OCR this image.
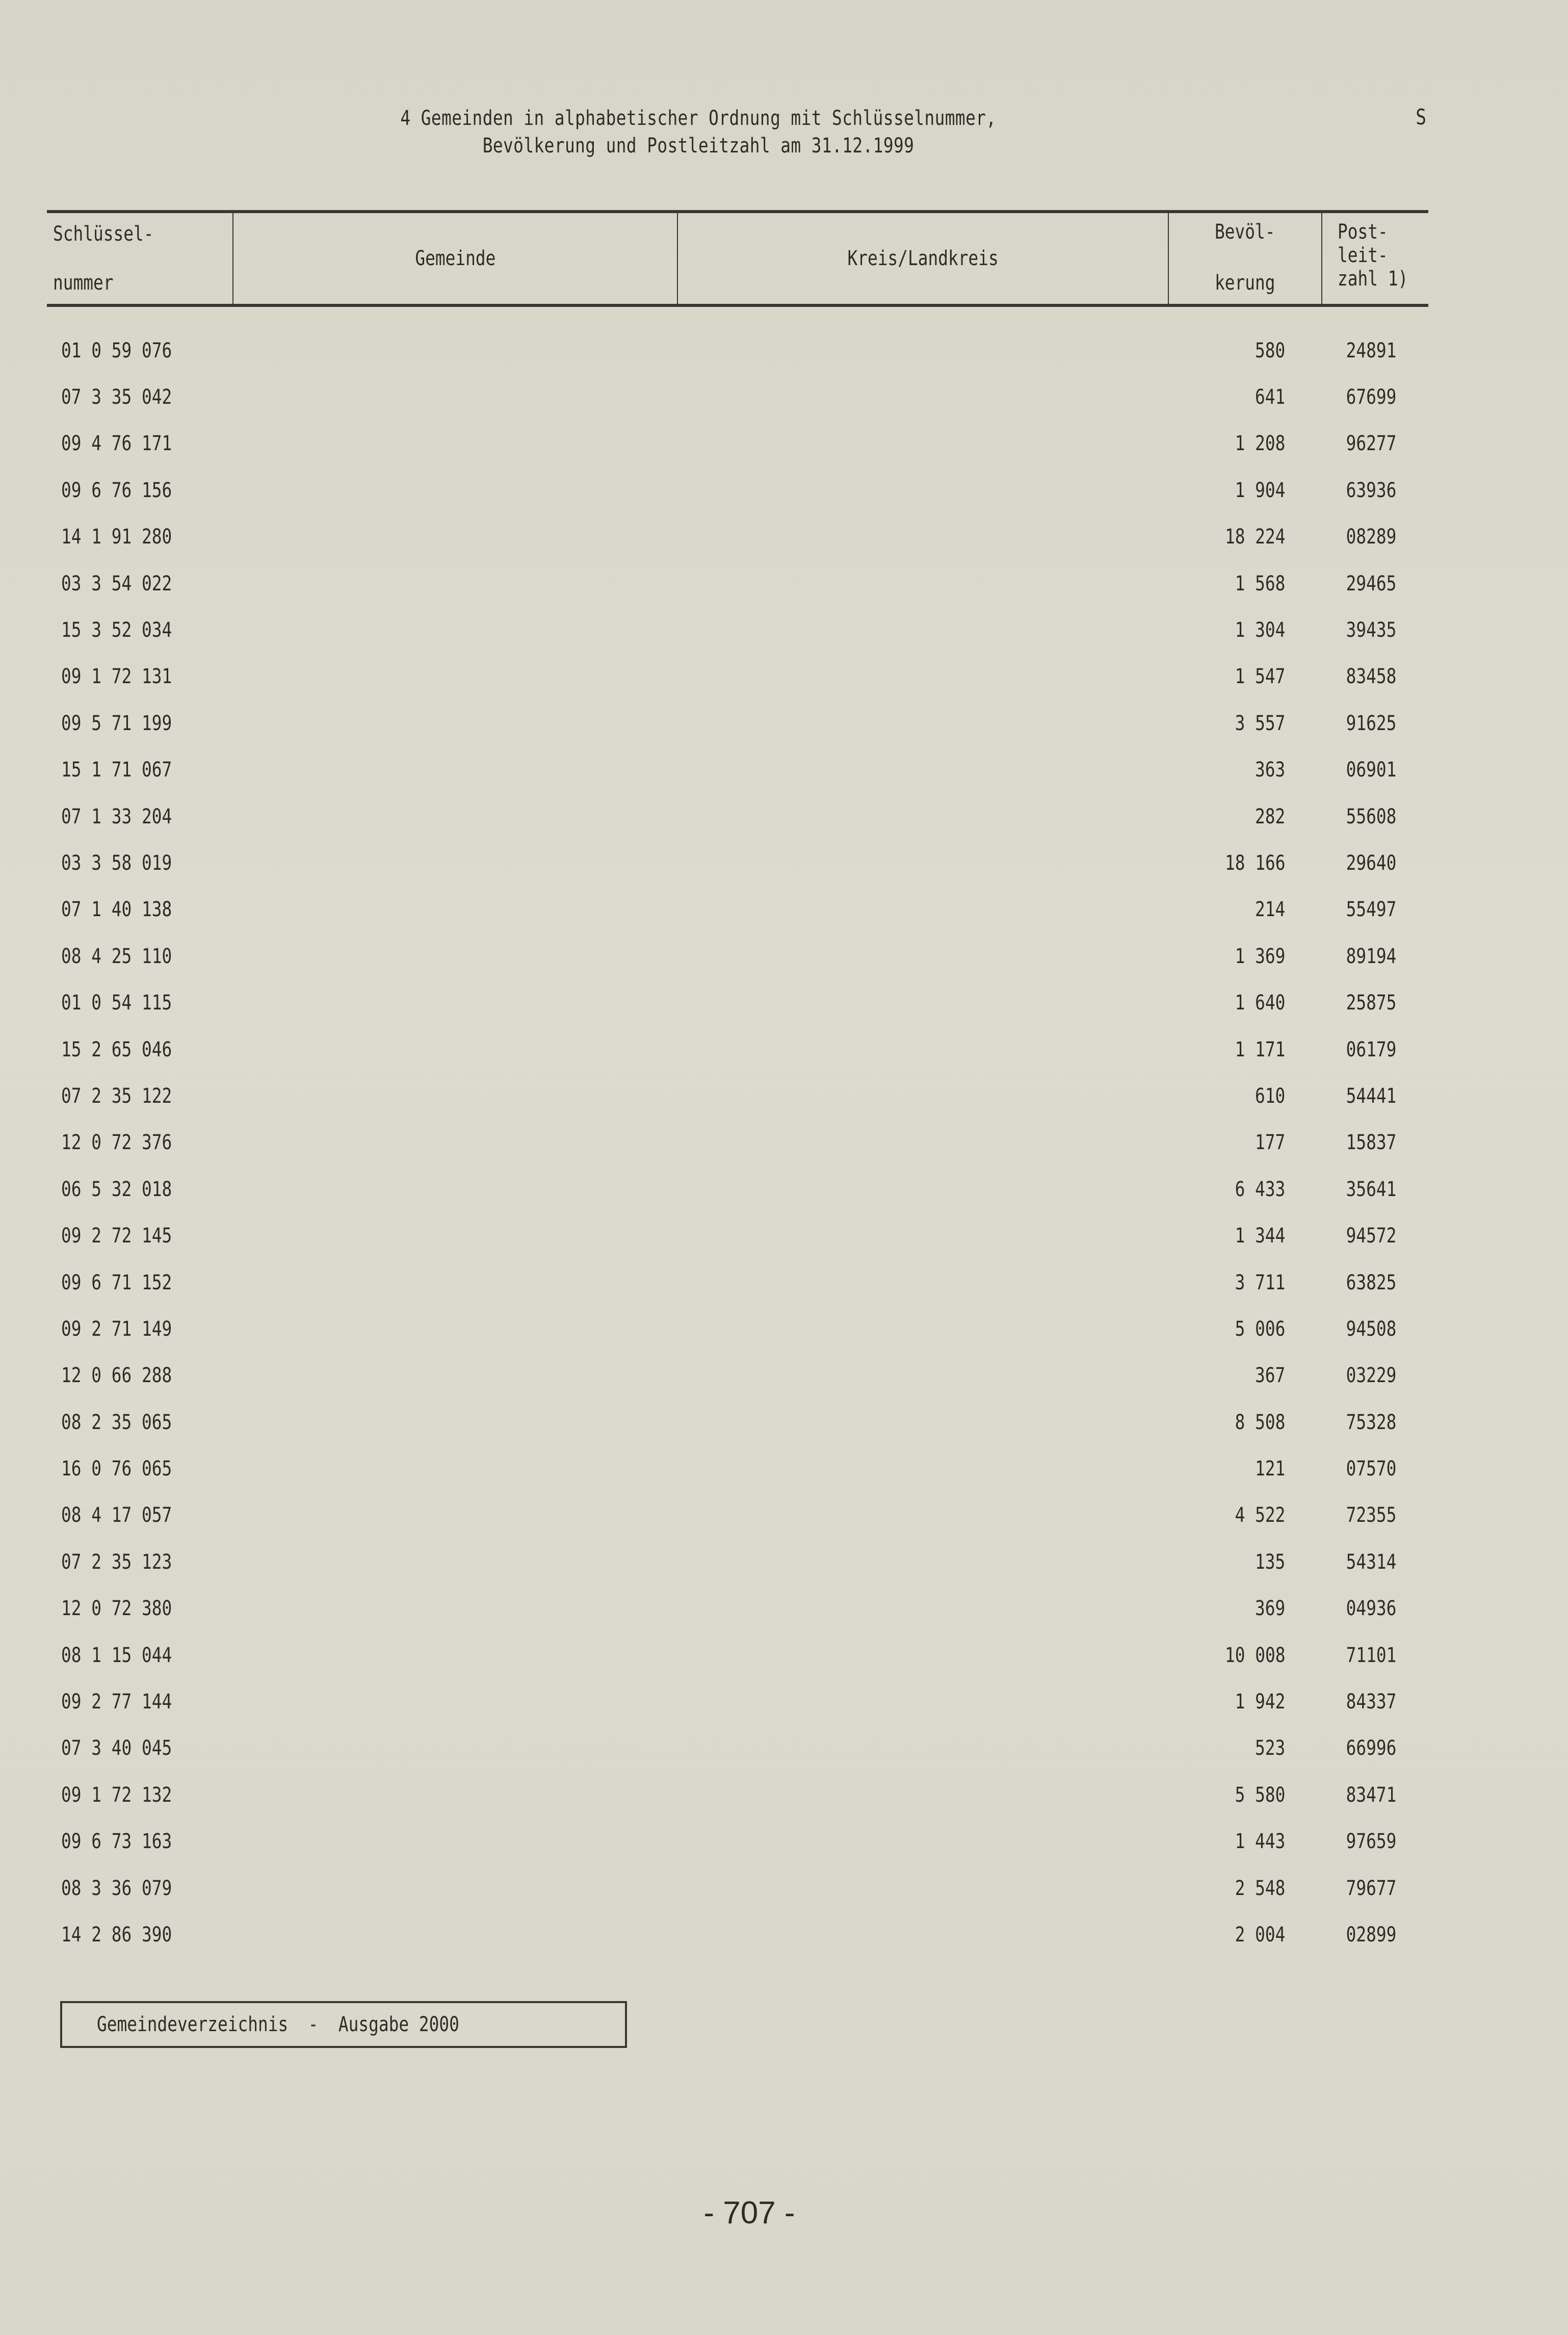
4 Gemeinden in alphabetischer Ordnung mit Schlüsselnummer,
Bevölkerung und Postleitzahl am 31.12.1999
S
Schlüssel-
nummer
Gemeinde	Kreis/Landkreis
Bevöl-
kerung
Post-
leit-
zahl 1)
01 0 59 076	580	24891
07 3 35 042	641	67699
09 4 76 171	1 208	96277
09 6 76 156	1 904	63936
14 1 91 280	18 224	08289
03 3 54 022	1 568	29465
15 3 52 034	1 304	39435
09 1 72 131	1 547	83458
09 5 71 199	3 557	91625
15 1 71 067	363	06901
07 1 33 204	282	55608
03 3 58 019	18 166	29640
07 1 40 138	214	55497
08 4 25 110	1 369	89194
01 0 54 115	1 640	25875
15 2 65 046	1 171	06179
07 2 35 122	610	54441
12 0 72 376	177	15837
06 5 32 018	6 433	35641
09 2 72 145	1 344	94572
09 6 71 152	3 711	63825
09 2 71 149	5 006	94508
12 0 66 288	367	03229
08 2 35 065	8 508	75328
16 0 76 065	121	07570
08 4 17 057	4 522	72355
07 2 35 123	135	54314
12 0 72 380	369	04936
08 1 15 044	10 008	71101
09 2 77 144	1 942	84337
07 3 40 045	523	66996
09 1 72 132	5 580	83471
09 6 73 163	1 443	97659
08 3 36 079	2 548	79677
14 2 86 390	2 004	02899
Gemeindeverzeichnis  -  Ausgabe 2000
- 707 -
